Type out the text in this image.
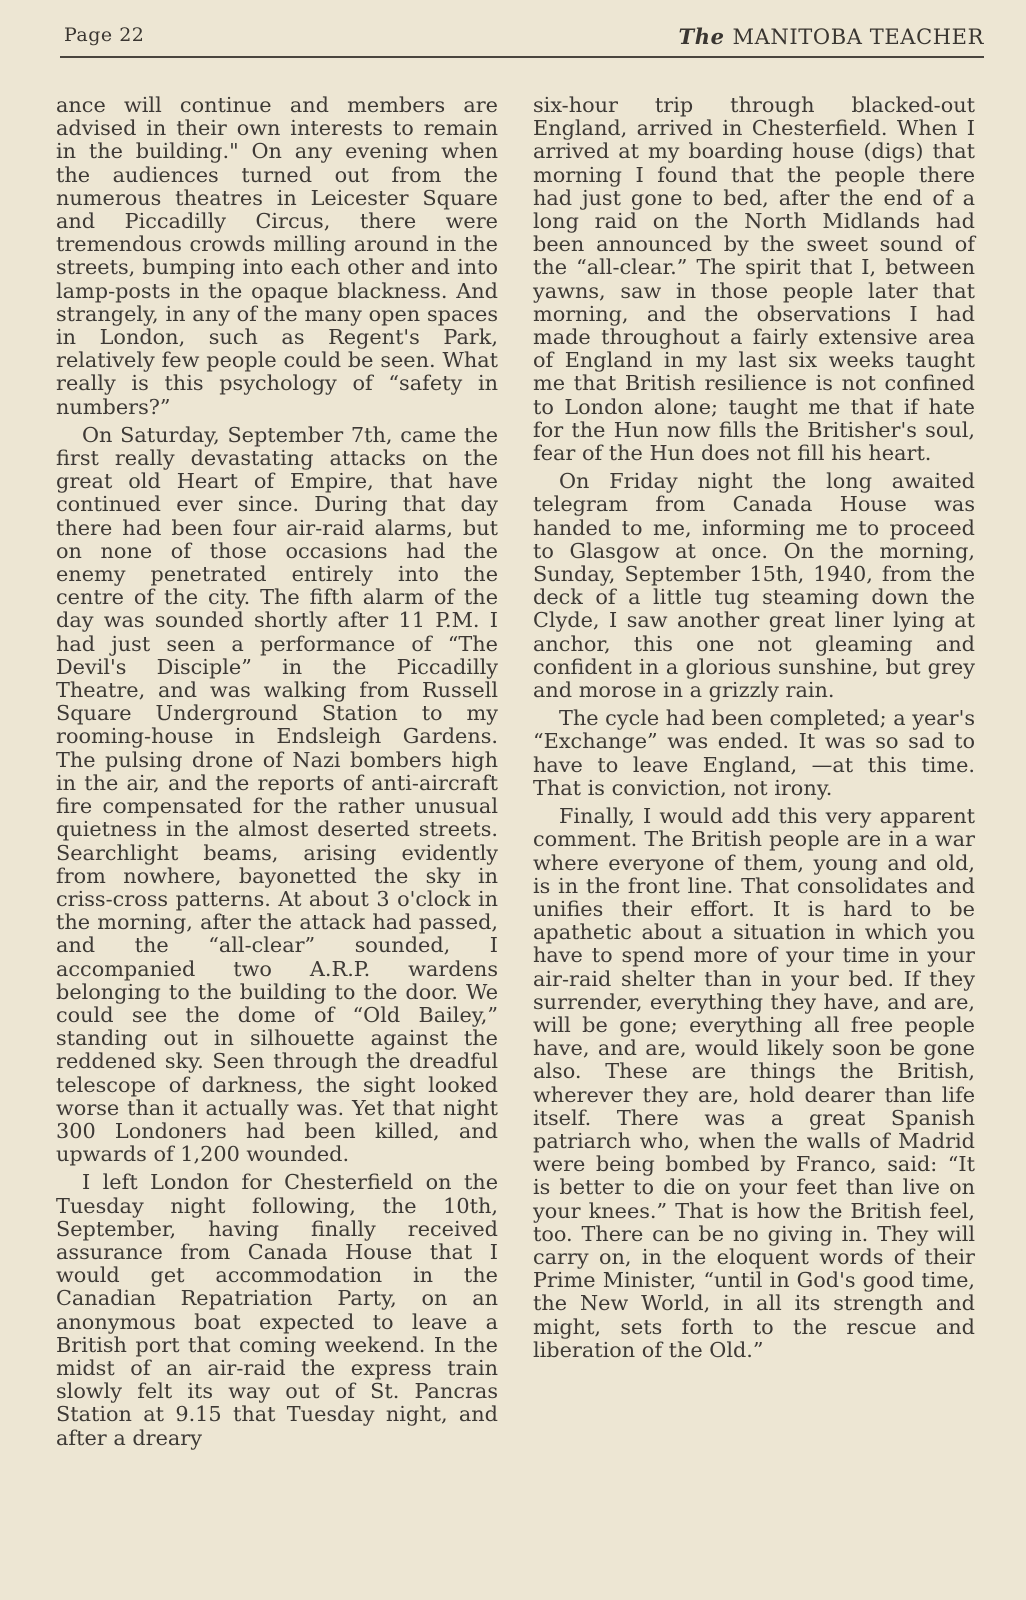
Page 22	The MANITOBA TEACHER

ance will continue and members are advised in their own interests to remain in the building." On any evening when the audiences turned out from the numerous theatres in Leicester Square and Piccadilly Circus, there were tremendous crowds milling around in the streets, bumping into each other and into lamp-posts in the opaque blackness. And strangely, in any of the many open spaces in London, such as Regent's Park, relatively few people could be seen. What really is this psychology of “safety in numbers?”

On Saturday, September 7th, came the first really devastating attacks on the great old Heart of Empire, that have continued ever since. During that day there had been four air-raid alarms, but on none of those occasions had the enemy penetrated entirely into the centre of the city. The fifth alarm of the day was sounded shortly after 11 P.M. I had just seen a performance of “The Devil's Disciple” in the Piccadilly Theatre, and was walking from Russell Square Underground Station to my rooming-house in Endsleigh Gardens. The pulsing drone of Nazi bombers high in the air, and the reports of anti-aircraft fire compensated for the rather unusual quietness in the almost deserted streets. Searchlight beams, arising evidently from nowhere, bayonetted the sky in criss-cross patterns. At about 3 o'clock in the morning, after the attack had passed, and the “all-clear” sounded, I accompanied two A.R.P. wardens belonging to the building to the door. We could see the dome of “Old Bailey,” standing out in silhouette against the reddened sky. Seen through the dreadful telescope of darkness, the sight looked worse than it actually was. Yet that night 300 Londoners had been killed, and upwards of 1,200 wounded.

I left London for Chesterfield on the Tuesday night following, the 10th, September, having finally received assurance from Canada House that I would get accommodation in the Canadian Repatriation Party, on an anonymous boat expected to leave a British port that coming weekend. In the midst of an air-raid the express train slowly felt its way out of St. Pancras Station at 9.15 that Tuesday night, and after a dreary

six-hour trip through blacked-out England, arrived in Chesterfield. When I arrived at my boarding house (digs) that morning I found that the people there had just gone to bed, after the end of a long raid on the North Midlands had been announced by the sweet sound of the “all-clear.” The spirit that I, between yawns, saw in those people later that morning, and the observations I had made throughout a fairly extensive area of England in my last six weeks taught me that British resilience is not confined to London alone; taught me that if hate for the Hun now fills the Britisher's soul, fear of the Hun does not fill his heart.

On Friday night the long awaited telegram from Canada House was handed to me, informing me to proceed to Glasgow at once. On the morning, Sunday, September 15th, 1940, from the deck of a little tug steaming down the Clyde, I saw another great liner lying at anchor, this one not gleaming and confident in a glorious sunshine, but grey and morose in a grizzly rain.

The cycle had been completed; a year's “Exchange” was ended. It was so sad to have to leave England, —at this time. That is conviction, not irony.

Finally, I would add this very apparent comment. The British people are in a war where everyone of them, young and old, is in the front line. That consolidates and unifies their effort. It is hard to be apathetic about a situation in which you have to spend more of your time in your air-raid shelter than in your bed. If they surrender, everything they have, and are, will be gone; everything all free people have, and are, would likely soon be gone also. These are things the British, wherever they are, hold dearer than life itself. There was a great Spanish patriarch who, when the walls of Madrid were being bombed by Franco, said: “It is better to die on your feet than live on your knees.” That is how the British feel, too. There can be no giving in. They will carry on, in the eloquent words of their Prime Minister, “until in God's good time, the New World, in all its strength and might, sets forth to the rescue and liberation of the Old.”
